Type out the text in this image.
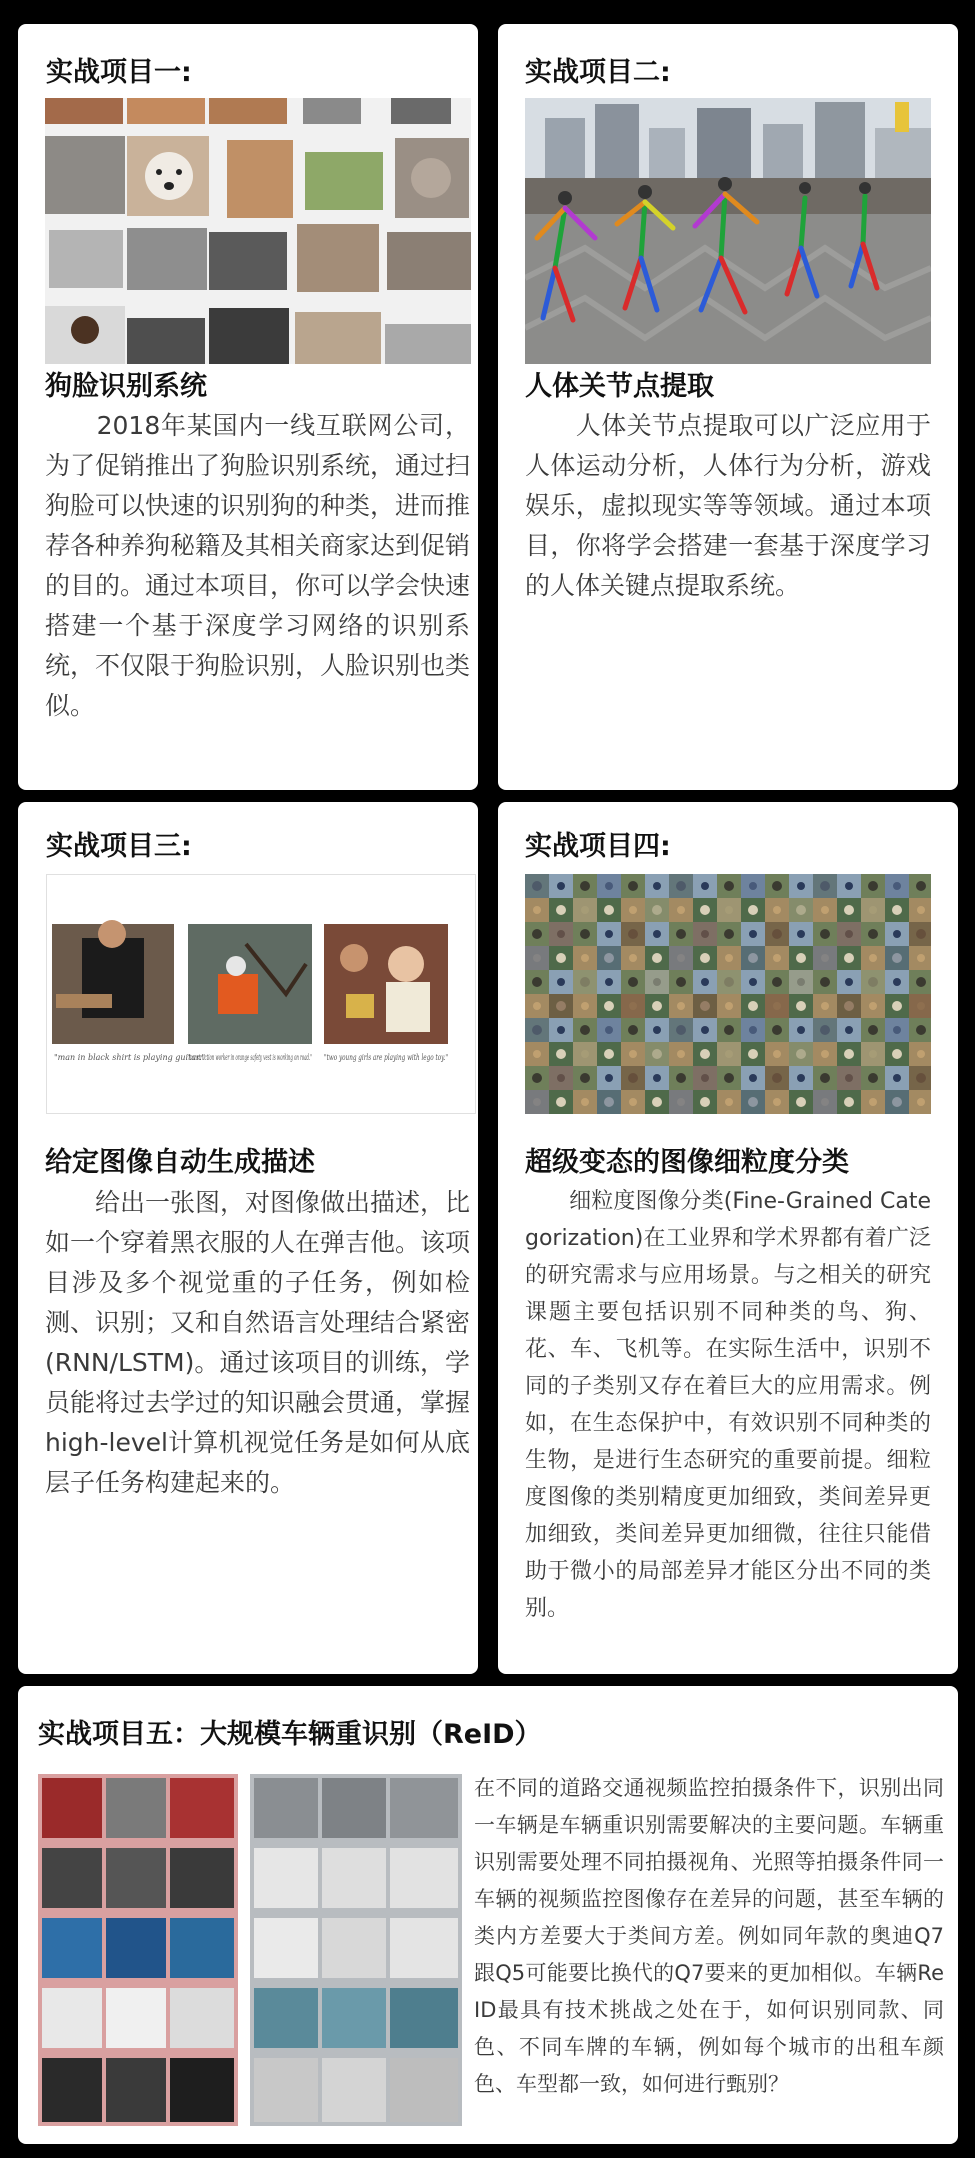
实战项目一:
狗脸识别系统
　　2018年某国内一线互联网公司，为了促销推出了狗脸识别系统，通过扫狗脸可以快速的识别狗的种类，进而推荐各种养狗秘籍及其相关商家达到促销的目的。通过本项目，你可以学会快速搭建一个基于深度学习网络的识别系统，不仅限于狗脸识别，人脸识别也类似。
实战项目二:
人体关节点提取
　　人体关节点提取可以广泛应用于人体运动分析，人体行为分析，游戏娱乐，虚拟现实等等领域。通过本项目，你将学会搭建一套基于深度学习的人体关键点提取系统。
实战项目三:
"man in black shirt is playing guitar."
"construction worker in orange safety vest is working on road." "two young girls are playing with lego toy."
给定图像自动生成描述
　　给出一张图，对图像做出描述，比如一个穿着黑衣服的人在弹吉他。该项目涉及多个视觉重的子任务，例如检测、识别；又和自然语言处理结合紧密(RNN/LSTM)。通过该项目的训练，学员能将过去学过的知识融会贯通，掌握high-level计算机视觉任务是如何从底层子任务构建起来的。
实战项目四:
超级变态的图像细粒度分类
　　细粒度图像分类(Fine-Grained Categorization)在工业界和学术界都有着广泛的研究需求与应用场景。与之相关的研究课题主要包括识别不同种类的鸟、狗、花、车、飞机等。在实际生活中，识别不同的子类别又存在着巨大的应用需求。例如，在生态保护中，有效识别不同种类的生物，是进行生态研究的重要前提。细粒度图像的类别精度更加细致，类间差异更加细致，类间差异更加细微，往往只能借助于微小的局部差异才能区分出不同的类别。
实战项目五：大规模车辆重识别（ReID）
在不同的道路交通视频监控拍摄条件下，识别出同一车辆是车辆重识别需要解决的主要问题。车辆重识别需要处理不同拍摄视角、光照等拍摄条件同一车辆的视频监控图像存在差异的问题，甚至车辆的类内方差要大于类间方差。例如同年款的奥迪Q7跟Q5可能要比换代的Q7要来的更加相似。车辆ReID最具有技术挑战之处在于，如何识别同款、同色、不同车牌的车辆，例如每个城市的出租车颜色、车型都一致，如何进行甄别？
